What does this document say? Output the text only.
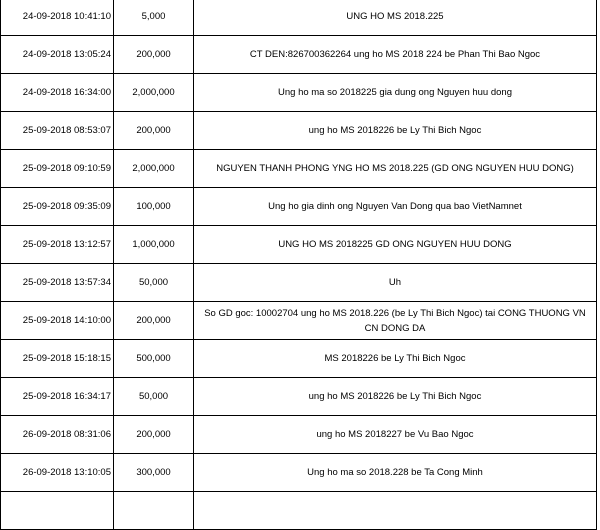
24-09-2018 10:41:10	5,000	UNG HO MS 2018.225
24-09-2018 13:05:24	200,000	CT DEN:826700362264 ung ho MS 2018 224 be Phan Thi Bao Ngoc
24-09-2018 16:34:00	2,000,000	Ung ho ma so 2018225 gia dung ong Nguyen huu dong
25-09-2018 08:53:07	200,000	ung ho MS 2018226 be Ly Thi Bich Ngoc
25-09-2018 09:10:59	2,000,000	NGUYEN THANH PHONG YNG HO MS 2018.225 (GD ONG NGUYEN HUU DONG)
25-09-2018 09:35:09	100,000	Ung ho gia dinh ong Nguyen Van Dong qua bao VietNamnet
25-09-2018 13:12:57	1,000,000	UNG HO MS 2018225 GD ONG NGUYEN HUU DONG
25-09-2018 13:57:34	50,000	Uh
25-09-2018 14:10:00	200,000	So GD goc: 10002704 ung ho MS 2018.226 (be Ly Thi Bich Ngoc) tai CONG THUONG VN CN DONG DA
25-09-2018 15:18:15	500,000	MS 2018226 be Ly Thi Bich Ngoc
25-09-2018 16:34:17	50,000	ung ho MS 2018226 be Ly Thi Bich Ngoc
26-09-2018 08:31:06	200,000	ung ho MS 2018227 be Vu Bao Ngoc
26-09-2018 13:10:05	300,000	Ung ho ma so 2018.228 be Ta Cong Minh
